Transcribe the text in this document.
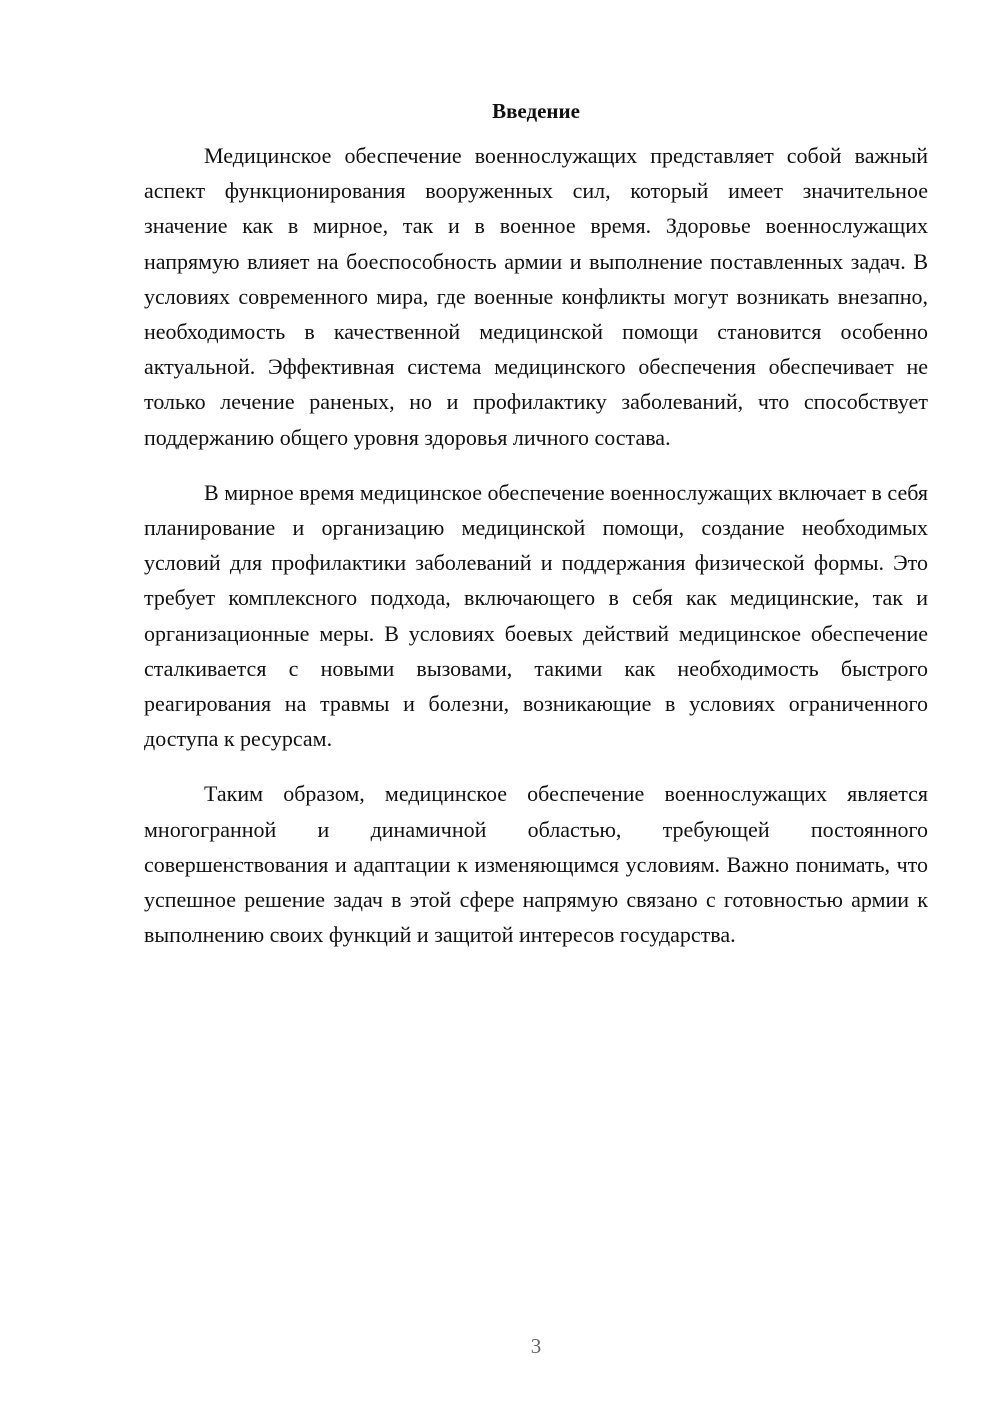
Введение

Медицинское обеспечение военнослужащих представляет собой важный аспект функционирования вооруженных сил, который имеет значительное значение как в мирное, так и в военное время. Здоровье военнослужащих напрямую влияет на боеспособность армии и выполнение поставленных задач. В условиях современного мира, где военные конфликты могут возникать внезапно, необходимость в качественной медицинской помощи становится особенно актуальной. Эффективная система медицинского обеспечения обеспечивает не только лечение раненых, но и профилактику заболеваний, что способствует поддержанию общего уровня здоровья личного состава.

В мирное время медицинское обеспечение военнослужащих включает в себя планирование и организацию медицинской помощи, создание необходимых условий для профилактики заболеваний и поддержания физической формы. Это требует комплексного подхода, включающего в себя как медицинские, так и организационные меры. В условиях боевых действий медицинское обеспечение сталкивается с новыми вызовами, такими как необходимость быстрого реагирования на травмы и болезни, возникающие в условиях ограниченного доступа к ресурсам.

Таким образом, медицинское обеспечение военнослужащих является многогранной и динамичной областью, требующей постоянного совершенствования и адаптации к изменяющимся условиям. Важно понимать, что успешное решение задач в этой сфере напрямую связано с готовностью армии к выполнению своих функций и защитой интересов государства.

3
